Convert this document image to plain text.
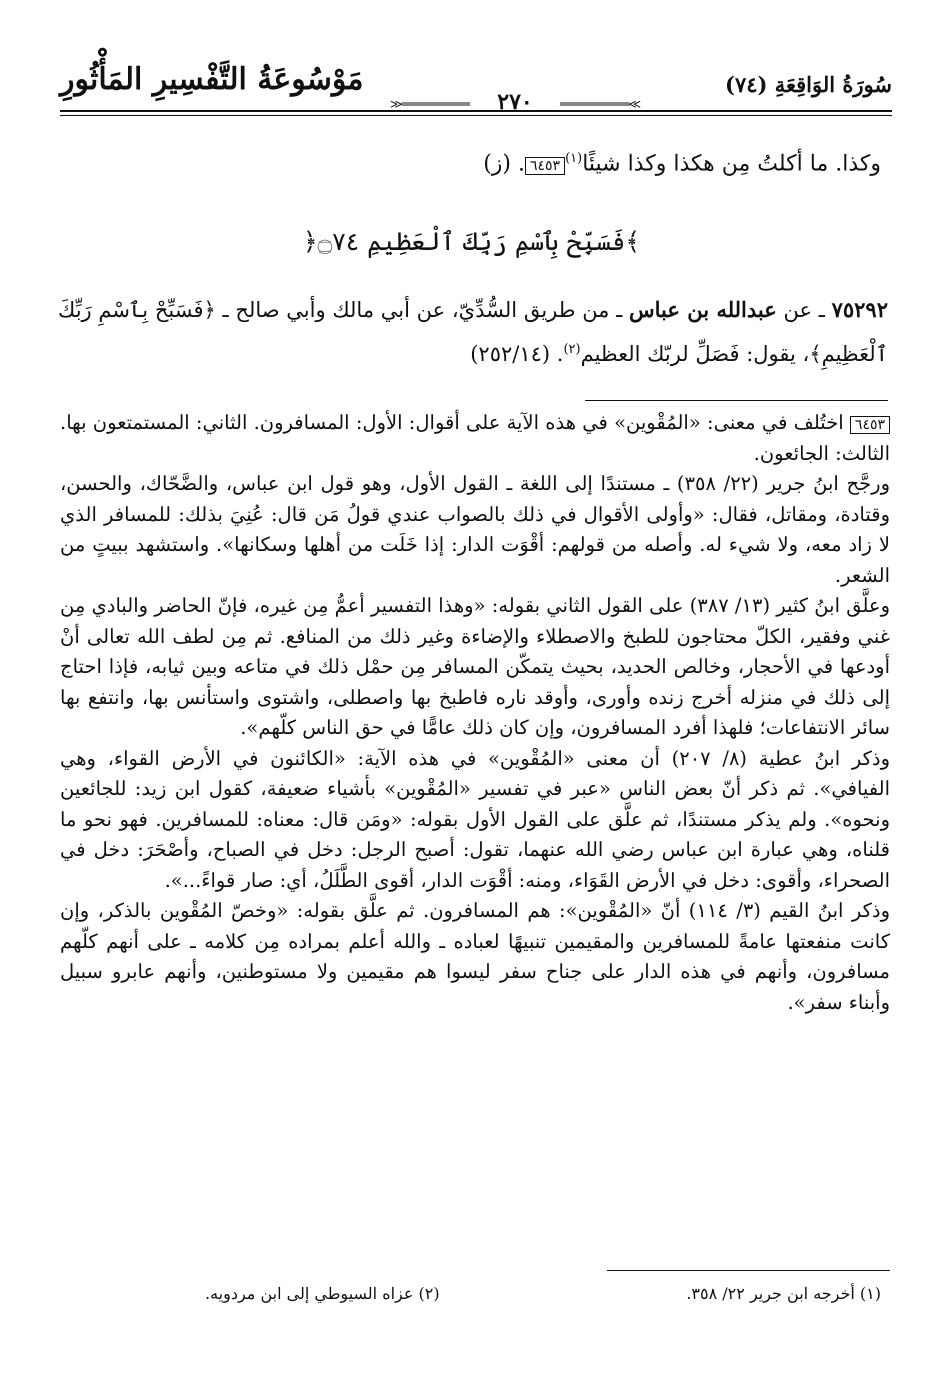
مَوْسُوعَةُ التَّفْسِيرِ المَأْثُورِ	سُورَةُ الوَاقِعَةِ (٧٤)
≫═══════════	٢٧٠	═══════════≪
وكذا. ما أكلتُ مِن هكذا وكذا شيئًا$^{(١)}$٦٤٥٣. (ز)
﴿فَسَبِّحْ بِٱسْمِ رَبِّكَ ٱلْعَظِيمِ ۝٧٤﴾
٧٥٢٩٢ ـ عن عبدالله بن عباس ـ من طريق السُّدِّيّ، عن أبي مالك وأبي صالح ـ ﴿فَسَبِّحْ بِٱسْمِ رَبِّكَ ٱلْعَظِيمِ﴾، يقول: فَصَلِّ لربّك العظيم$^{(٢)}$. (٢٥٢/١٤)

٦٤٥٣ اختُلف في معنى: «المُقْوين» في هذه الآية على أقوال: الأول: المسافرون. الثاني: المستمتعون بها. الثالث: الجائعون.

ورجَّح ابنُ جرير (٢٢/ ٣٥٨) ـ مستندًا إلى اللغة ـ القول الأول، وهو قول ابن عباس، والضَّحّاك، والحسن، وقتادة، ومقاتل، فقال: «وأولى الأقوال في ذلك بالصواب عندي قولُ مَن قال: عُنِيَ بذلك: للمسافر الذي لا زاد معه، ولا شيء له. وأصله من قولهم: أقْوَت الدار: إذا خَلَت من أهلها وسكانها». واستشهد ببيتٍ من الشعر.

وعلَّق ابنُ كثير (١٣/ ٣٨٧) على القول الثاني بقوله: «وهذا التفسير أعمُّ مِن غيره، فإنّ الحاضر والبادي مِن غني وفقير، الكلّ محتاجون للطبخ والاصطلاء والإضاءة وغير ذلك من المنافع. ثم مِن لطف الله تعالى أنْ أودعها في الأحجار، وخالص الحديد، بحيث يتمكّن المسافر مِن حمْل ذلك في متاعه وبين ثيابه، فإذا احتاج إلى ذلك في منزله أخرج زنده وأورى، وأوقد ناره فاطبخ بها واصطلى، واشتوى واستأنس بها، وانتفع بها سائر الانتفاعات؛ فلهذا أفرد المسافرون، وإن كان ذلك عامًّا في حق الناس كلّهم».

وذكر ابنُ عطية (٨/ ٢٠٧) أن معنى «المُقْوين» في هذه الآية: «الكائنون في الأرض القواء، وهي الفيافي». ثم ذكر أنّ بعض الناس «عبر في تفسير «المُقْوين» بأشياء ضعيفة، كقول ابن زيد: للجائعين ونحوه». ولم يذكر مستندًا، ثم علَّق على القول الأول بقوله: «ومَن قال: معناه: للمسافرين. فهو نحو ما قلناه، وهي عبارة ابن عباس رضي الله عنهما، تقول: أصبح الرجل: دخل في الصباح، وأصْحَرَ: دخل في الصحراء، وأقوى: دخل في الأرض القَوَاء، ومنه: أقْوَت الدار، أقوى الطَّلَلُ، أي: صار قواءً...».

وذكر ابنُ القيم (٣/ ١١٤) أنّ «المُقْوين»: هم المسافرون. ثم علَّق بقوله: «وخصّ المُقْوين بالذكر، وإن كانت منفعتها عامةً للمسافرين والمقيمين تنبيهًا لعباده ـ والله أعلم بمراده مِن كلامه ـ على أنهم كلّهم مسافرون، وأنهم في هذه الدار على جناح سفر ليسوا هم مقيمين ولا مستوطنين، وأنهم عابرو سبيل وأبناء سفر».

(١) أخرجه ابن جرير ٢٢/ ٣٥٨.
(٢) عزاه السيوطي إلى ابن مردويه.
